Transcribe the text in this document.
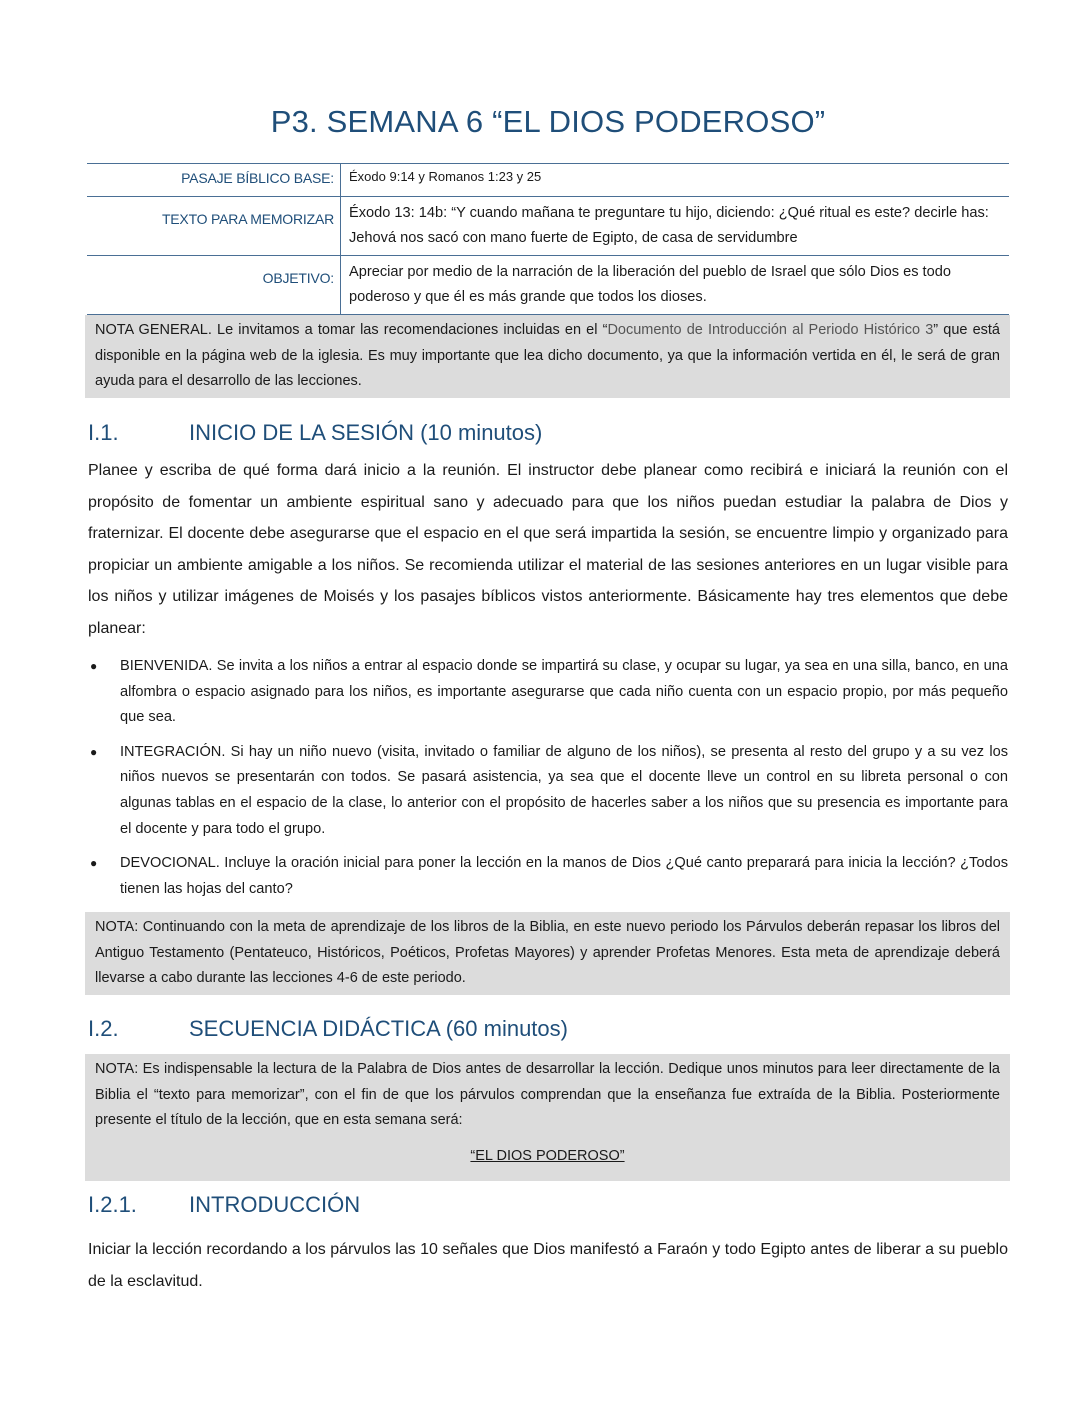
P3. SEMANA 6 “EL DIOS PODEROSO”
PASAJE BÍBLICO BASE:	Éxodo 9:14 y Romanos 1:23 y 25
TEXTO PARA MEMORIZAR	Éxodo 13: 14b: “Y cuando mañana te preguntare tu hijo, diciendo: ¿Qué ritual es este? decirle has: Jehová nos sacó con mano fuerte de Egipto, de casa de servidumbre
OBJETIVO:	Apreciar por medio de la narración de la liberación del pueblo de Israel que sólo Dios es todo poderoso y que él es más grande que todos los dioses.
NOTA GENERAL. Le invitamos a tomar las recomendaciones incluidas en el “Documento de Introducción al Periodo Histórico 3” que está disponible en la página web de la iglesia. Es muy importante que lea dicho documento, ya que la información vertida en él, le será de gran ayuda para el desarrollo de las lecciones.
I.1.	INICIO DE LA SESIÓN (10 minutos)

Planee y escriba de qué forma dará inicio a la reunión. El instructor debe planear como recibirá e iniciará la reunión con el propósito de fomentar un ambiente espiritual sano y adecuado para que los niños puedan estudiar la palabra de Dios y fraternizar. El docente debe asegurarse que el espacio en el que será impartida la sesión, se encuentre limpio y organizado para propiciar un ambiente amigable a los niños. Se recomienda utilizar el material de las sesiones anteriores en un lugar visible para los niños y utilizar imágenes de Moisés y los pasajes bíblicos vistos anteriormente. Básicamente hay tres elementos que debe planear:

● BIENVENIDA. Se invita a los niños a entrar al espacio donde se impartirá su clase, y ocupar su lugar, ya sea en una silla, banco, en una alfombra o espacio asignado para los niños, es importante asegurarse que cada niño cuenta con un espacio propio, por más pequeño que sea.
● INTEGRACIÓN. Si hay un niño nuevo (visita, invitado o familiar de alguno de los niños), se presenta al resto del grupo y a su vez los niños nuevos se presentarán con todos. Se pasará asistencia, ya sea que el docente lleve un control en su libreta personal o con algunas tablas en el espacio de la clase, lo anterior con el propósito de hacerles saber a los niños que su presencia es importante para el docente y para todo el grupo.
● DEVOCIONAL. Incluye la oración inicial para poner la lección en la manos de Dios ¿Qué canto preparará para inicia la lección? ¿Todos tienen las hojas del canto?
NOTA: Continuando con la meta de aprendizaje de los libros de la Biblia, en este nuevo periodo los Párvulos deberán repasar los libros del Antiguo Testamento (Pentateuco, Históricos, Poéticos, Profetas Mayores) y aprender Profetas Menores. Esta meta de aprendizaje deberá llevarse a cabo durante las lecciones 4-6 de este periodo.
I.2.	SECUENCIA DIDÁCTICA (60 minutos)
NOTA: Es indispensable la lectura de la Palabra de Dios antes de desarrollar la lección. Dedique unos minutos para leer directamente de la Biblia el “texto para memorizar”, con el fin de que los párvulos comprendan que la enseñanza fue extraída de la Biblia. Posteriormente presente el título de la lección, que en esta semana será:
“EL DIOS PODEROSO”
I.2.1. INTRODUCCIÓN

Iniciar la lección recordando a los párvulos las 10 señales que Dios manifestó a Faraón y todo Egipto antes de liberar a su pueblo de la esclavitud.
